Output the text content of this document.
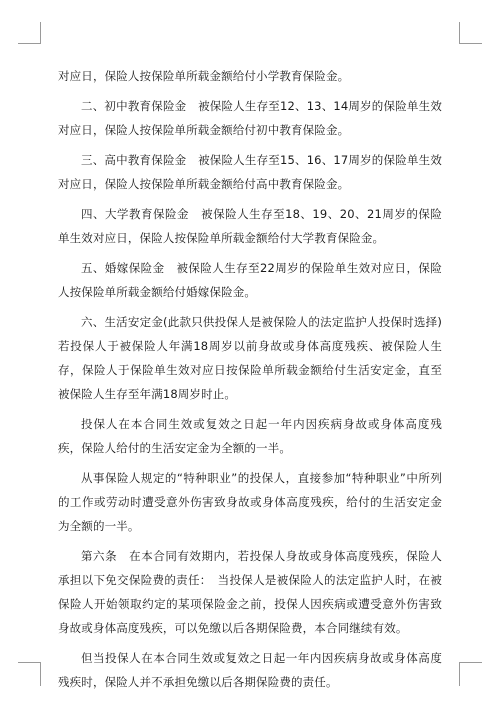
对应日，保险人按保险单所载金额给付小学教育保险金。

二、初中教育保险金　被保险人生存至12、13、14周岁的保险单生效对应日，保险人按保险单所载金额给付初中教育保险金。

三、高中教育保险金　被保险人生存至15、16、17周岁的保险单生效对应日，保险人按保险单所载金额给付高中教育保险金。

四、大学教育保险金　被保险人生存至18、19、20、21周岁的保险单生效对应日，保险人按保险单所载金额给付大学教育保险金。

五、婚嫁保险金　被保险人生存至22周岁的保险单生效对应日，保险人按保险单所载金额给付婚嫁保险金。

六、生活安定金(此款只供投保人是被保险人的法定监护人投保时选择)　若投保人于被保险人年满18周岁以前身故或身体高度残疾、被保险人生存，保险人于保险单生效对应日按保险单所载金额给付生活安定金，直至被保险人生存至年满18周岁时止。

投保人在本合同生效或复效之日起一年内因疾病身故或身体高度残疾，保险人给付的生活安定金为全额的一半。

从事保险人规定的“特种职业”的投保人，直接参加“特种职业”中所列的工作或劳动时遭受意外伤害致身故或身体高度残疾，给付的生活安定金为全额的一半。

第六条　在本合同有效期内，若投保人身故或身体高度残疾，保险人承担以下免交保险费的责任：　当投保人是被保险人的法定监护人时，在被保险人开始领取约定的某项保险金之前，投保人因疾病或遭受意外伤害致身故或身体高度残疾，可以免缴以后各期保险费，本合同继续有效。

但当投保人在本合同生效或复效之日起一年内因疾病身故或身体高度残疾时，保险人并不承担免缴以后各期保险费的责任。
